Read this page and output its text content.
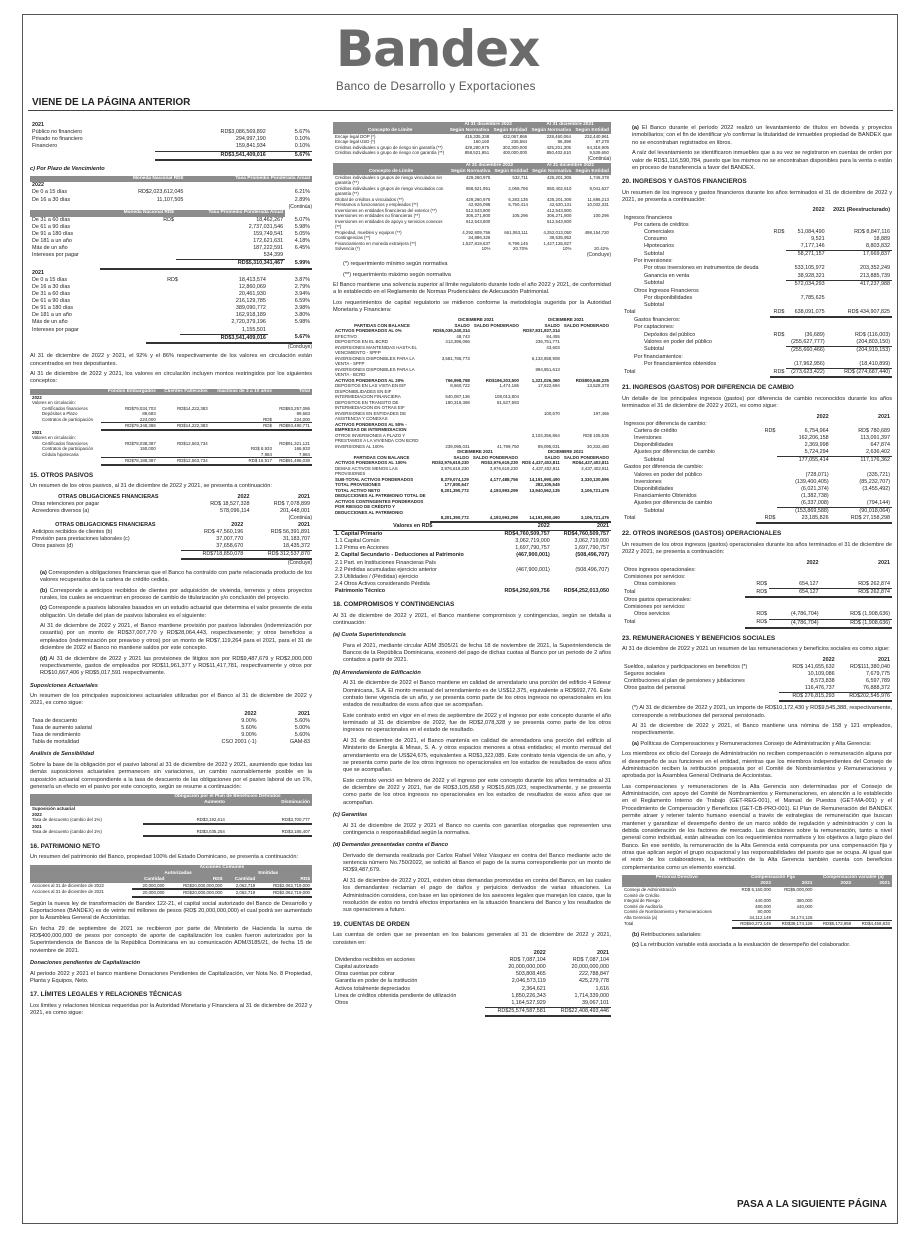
Bandex
Banco de Desarrollo y Exportaciones
VIENE DE LA PÁGINA ANTERIOR
PASA A LA SIGUIENTE PÁGINA
2021		
Público no financiero	RD$3,086,569,892	5.67%
Privado no financiero	294,997,190	0.10%
Financiero	159,841,934	0.10%
	RD$3,541,409,016	5.67%
c) Por Plazo de Vencimiento
	Moneda Nacional RD$	Tasa Promedio Ponderada Anual
2022		
De 0 a 15 días	RD$2,023,612,045	6.21%
De 16 a 30 días	11,107,505	2.89%
(Continúa)
	Moneda Nacional RD$	Tasa Promedio Ponderada Anual	
De 31 a 60 días	RD$	18,462,267	5.07%
De 61 a 90 días		2,737,031,546	5.98%
De 91 a 180 días		159,749,541	5.05%
De 181 a un año		172,621,631	4.18%
Más de un año		187,222,591	6.45%
Intereses por pagar		534,399	
	RD$5,310,341,467		5.99%
2021			
De 0 a 15 días	RD$	18,413,574	3.87%
De 16 a 30 días		12,860,069	2.79%
De 31 a 60 días		20,461,930	3.94%
De 61 a 90 días		216,129,785	6.59%
De 91 a 180 días		389,090,772	3.98%
De 181 a un año		162,918,189	3.80%
Más de un año		2,720,379,196	5.98%
Intereses por pagar		1,155,501	
	RD$3,541,409,016		5.67%
(Concluye)

Al 31 de diciembre de 2022 y 2021, el 92% y el 86% respectivamente de los valores en circulación están concentrados en tres depositantes.

Al 31 de diciembre de 2022 y 2021, los valores en circulación incluyen montos restringidos por los siguientes conceptos:

	Fondos Embargados	Clientes Fallecidos	Inactivas de 3 a 10 años	Total
2022				
Valores en circulación:				
Certificados financieros	RD$79,034,703	RD$14,222,383		RD$93,257,086
Depósitos a Plazo	89,683			89,683
Contratos de participación	224,000		RD$	224,000
	RD$79,348,386	RD$14,222,383	RD$	RD$93,490,771
2021				
Valores en circulación:				
Certificados financieros	RD$78,038,387	RD$12,563,734		RD$91,321,121
Contratos de participación	150,000		RD$ 8,933	166,933
Cédula hipotecaria			7,984	7,984
	RD$78,188,387	RD$12,563,734	RD$ 16,917	RD$91,496,038
15. OTROS PASIVOS

Un resumen de los otros pasivos, al 31 de diciembre de 2022 y 2021, se presenta a continuación:

OTRAS OBLIGACIONES FINANCIERAS	2022	2021
Otras retenciones por pagar	RD$ 18,527,328	RD$ 7,078,899
Acreedores diversos (a)	578,096,114	201,448,001
(Continúa)
OTRAS OBLIGACIONES FINANCIERAS	2022	2021
Anticipos recibidos de clientes (b)	RD$ 47,560,196	RD$ 56,391,891
Provisión para prestaciones laborales (c)	37,007,770	31,183,707
Otros pasivos (d)	37,658,670	18,435,372
	RD$718,850,078	RD$ 312,537,870
(Concluye)

(a) Corresponden a obligaciones financieras que el Banco ha contraído con parte relacionada producto de los valores recuperados de la cartera de crédito cedida.

(b) Corresponde a anticipos recibidos de clientes por adquisición de vivienda, terrenos y otros proyectos rurales, los cuales se encuentran en proceso de cambio de titularización y/o conclusión del proyecto.

(c) Corresponde a pasivos laborales basados en un estudio actuarial que determina el valor presente de esta obligación. Un detalle del plan de pasivos laborales es el siguiente:

Al 31 de diciembre de 2022 y 2021, el Banco mantiene provisión por pasivos laborales (indemnización por cesantía) por un monto de RD$37,007,770 y RD$28,064,443, respectivamente; y otros beneficios a empleados (indemnización por preaviso y otros) por un monto de RD$7,119,264 para el 2021, para el 31 de diciembre de 2022 el Banco no mantiene saldos por este concepto.

(d) Al 31 de diciembre de 2022 y 2021 las provisiones de litigios son por RD$9,487,679 y RD$2,000,000 respectivamente, gastos de empleados por RD$11,961,377 y RD$11,417,781, respectivamente y otros por RD$10,667,406 y RD$5,017,591 respectivamente.

Suposiciones Actuariales

Un resumen de los principales suposiciones actuariales utilizadas por el Banco al 31 de diciembre de 2022 y 2021, es como sigue:

	2022	2021
Tasa de descuento	9.00%	5.60%
Tasa de aumento salarial	5.60%	5.00%
Tasa de rendimiento	9.00%	5.60%
Tabla de mortalidad	CSO 2001 (-1)	GAM-83
Análisis de Sensibilidad

Sobre la base de la obligación por el pasivo laboral al 31 de diciembre de 2022 y 2021, asumiendo que todas las demás suposiciones actuariales permanecen sin variaciones, un cambio razonablemente posible en la suposición actuarial correspondiente a la tasa de descuento de las obligaciones por el pasivo laboral de un 1%, generaría un efecto en el pasivo por este concepto, según se resume a continuación:

	Obligación por el Plan de Beneficios Definidos	
	Aumento	Disminución
Suposición actuarial		
2022		
Tasa de descuento (cambio del 1%)	RD$3,192,614	RD$3,700,777
2021		
Tasa de descuento (cambio del 1%)	RD$3,035,254	RD$3,185,407
16. PATRIMONIO NETO

Un resumen del patrimonio del Banco, propiedad 100% del Estado Dominicano, se presenta a continuación:

	Acciones Comunes			
	Autorizadas		Emitidas	
	Cantidad	RD$	Cantidad	RD$
Acciones al 31 de diciembre de 2022	20,000,000	RD$20,000,000,000	2,062,719	RD$2,062,719,000
Acciones al 31 de diciembre de 2021	20,000,000	RD$20,000,000,000	2,062,719	RD$2,062,719,000

Según la nueva ley de transformación de Bandex 122-21, el capital social autorizado del Banco de Desarrollo y Exportaciones (BANDEX) es de veinte mil millones de pesos (RD$ 20,000,000,000) el cual podrá ser aumentado por la Asamblea General de Accionistas.

En fecha 29 de septiembre de 2021 se recibieron por parte de Ministerio de Hacienda la suma de RD$400,000,000 de pesos por concepto de aporte de capitalización los cuales fueron autorizados por la Superintendencia de Bancos de la República Dominicana en su comunicación ADM/3185/21, de fecha 15 de noviembre de 2021.

Donaciones pendientes de Capitalización

Al periodo 2022 y 2021 el banco mantiene Donaciones Pendientes de Capitalización, ver Nota No. 8 Propiedad, Planta y Equipos, Neto.

17. LÍMITES LEGALES Y RELACIONES TÉCNICAS

Los límites y relaciones técnicas requeridas por la Autoridad Monetaria y Financiera al 31 de diciembre de 2022 y 2021, es como sigue:

	Al 31 diciembre 2022		Al 31 diciembre 2021	
Concepto de Límite	Según Normativa	Según Entidad	Según Normativa	Según Entidad
Encaje legal DOP (*)	415,335,338	422,067,866	228,460,064	232,440,961
Encaje legal USD (*)	160,160	236,584	86,398	87,278
Créditos individuales o grupo de riesgo sin garantía (**)	429,280,975	302,300,000	425,201,305	64,318,905
Créditos individuales o grupo de riesgo con garantía (**)	858,521,951	400,000,000	850,402,610	9,539,650
(Continúa)
	Al 31 diciembre 2022		Al 31 diciembre 2021	
Concepto de Límite	Según Normativa	Según Entidad	Según Normativa	Según Entidad
Créditos individuales o grupos de riesgo vinculados sin garantía (**)	429,260,975	532,711	425,201,305	1,746,378
Créditos individuales o grupos de riesgo vinculados con garantía (**)	858,521,951	2,069,766	850,402,610	9,041,627
Global de créditos a vinculados (**)	429,260,975	6,283,135	425,201,305	11,686,213
Préstamos a funcionarios y empleados (**)	42,926,098	5,750,414	42,520,131	10,032,331
Inversiones en entidades financieras del exterior (**)	512,543,800		412,543,800	
Inversiones en entidades no financieras (**)	306,271,800	105,296	306,271,800	100,296
Inversiones en entidades de apoyo y servicios conexos (**)	612,543,800		612,543,800	
Propiedad, muebles y equipos (**)	4,292,609,756	661,063,111	4,252,013,050	498,154,720
Contingencias (**)	34,886,326		39,535,952	
Financiamiento en moneda extranjera (**)	1,527,819,637	8,799,145	1,427,135,827	
Solvencia (*)	10%	20.70%	10%	20.42%
(Concluye)

(*) requerimiento mínimo según normativa

(**) requerimiento máximo según normativa

El Banco mantiene una solvencia superior al límite regulatorio durante todo el año 2022 y 2021, de conformidad a lo establecido en el Reglamento de Normas Prudenciales de Adecuación Patrimonial.

Los requerimientos de capital regulatorio se midieron conforme la metodología sugerida por la Autoridad Monetaria y Financiera:

	DICIEMBRE 2021		DICIEMBRE 2021	
PARTIDAS CON BALANCE	SALDO	SALDO PONDERADO	SALDO	SALDO PONDERADO
ACTIVOS PONDERADOS AL 0%	RD$5,036,240,314		RD$7,831,937,314	
EFECTIVO	48,743		84,455	
DEPOSITOS EN EL BCRD	413,396,066		236,751,771	
INVERSIONES MANTENIDAS HASTA EL VENCIMIENTO - SPFP			43,603	
INVERSIONES DISPONIBLES PARA LA VENTA - SPFP	3,581,785,773		6,133,858,908	
INVERSIONES DISPONIBLES PARA LA VENTA - BCRD			894,951,613	
ACTIVOS PONDERADOS AL 20%	766,998,768	RD$196,203,500	1,321,026,360	RD$800,646,225
DEPOSITOS EN LAS VISTA EN EIF	8,660,722	1,474,186	17,622,694	13,528,378
DISPONIBILIDADES EN EIF				
INTERMEDIACION FINANCIERA	540,087,136	108,013,804		
DEPOSITOS EN TRANSITO DE INTERMEDIACION EN OTRAS EIF	180,319,368	81,527,593		
INVERSIONES EN ENTIDADES DE ASISTENCIA Y CONEXAS			100,670	197,466
ACTIVOS PONDERADOS AL 50% - EMPRESAS DE INTERMEDIACION				
OTROS INVERSIONES A PLAZO Y PRESTAMOS A LA VIVIENDA CON BCRD			3,103,356,864	RD$ 105,536
INVERSIONES AL 100%	239,095,031	41,799,750	89,095,031	30,332,480
	DICIEMBRE 2021		DICIEMBRE 2021	
PARTIDAS CON BALANCE	SALDO	SALDO PONDERADO	SALDO	SALDO PONDERADO
ACTIVOS PONDERADOS AL 100%	RD$3,976,619,230	RD$3,976,619,230	RD$ 4,437,402,811	RD$4,437,402,811
DEMAS ACTIVOS MENOS LAS PROVISIONES	3,976,619,230	3,976,619,230	4,437,402,811	4,437,402,811
SUB-TOTAL ACTIVOS PONDERADOS	8,379,074,129	4,177,488,756	14,191,990,490	3,330,130,596
TOTAL PROVISIONES	177,800,647		282,105,545	
TOTAL ACTIVO NETO	8,201,390,772	4,193,993,299	13,940,562,135	3,106,721,476
DEDUCCIONES AL PATRIMONIO TOTAL DE ACTIVOS CONTINGENTES PONDERADOS POR RIESGO DE CRÉDITO Y DEDUCCIONES AL PATRIMONIO				
	8,201,390,772	4,193,993,299	14,191,990,490	3,106,721,476
Valores en RD$	2022	2021
1. Capital Primario	RD$4,760,509,757	RD$4,760,509,757
1.1 Capital Común	3,062,719,000	3,062,719,000
1.2 Prima en Acciones	1,697,790,757	1,697,790,757

2. Capital Secundario - Deducciones al Patrimonio	(467,900,001)	(508,496,707)
2.1 Part. en Instituciones Financieras País		
2.2 Pérdidas acumuladas ejercicio anterior	(467,900,001)	(508,496,707)
2.3 Utilidades / (Pérdidas) ejercicio		
2.4 Otros Activos considerando Pérdida		
Patrimonio Técnico	RD$4,292,609,756	RD$4,252,013,050
18. COMPROMISOS Y CONTINGENCIAS

Al 31 de diciembre de 2022 y 2021, el Banco mantiene compromisos y contingencias, según se detalla a continuación:

(a) Cuota Superintendencia

Para el 2021, mediante circular ADM 3505/21 de fecha 18 de noviembre de 2021, la Superintendencia de Bancos de la República Dominicana, exoneró del pago de dichas cuotas al Banco por un periodo de 2 años contados a partir de 2021.

(b) Arrendamiento de Edificación

Al 31 de diciembre de 2022 el Banco mantiene en calidad de arrendatario una porción del edificio 4 Edeeur Dominicana, S.A. El monto mensual del arrendamiento es de US$12,375, equivalente a RD$692,776. Este contrato tiene vigencia de un año, y se presenta como parte de los otros ingresos no operacionales en los estados de resultados de esos años que se acompañan.

Este contrato entró en vigor en el mes de septiembre de 2022 y el ingreso por este concepto durante el año terminado al 31 de diciembre de 2022, fue de RD$2,078,328 y se presenta como parte de los otros ingresos no operacionales en el estado de resultado.

Al 31 de diciembre de 2021, el Banco mantenía en calidad de arrendadora una porción del edificio al Ministerio de Energía & Minas, S. A. y otros espacios menores a otras entidades; el monto mensual del arrendamiento era de US$24,675, equivalentes a RD$1,322,085. Este contrato tenía vigencia de un año, y se presenta como parte de los otros ingresos no operacionales en los estados de resultados de esos años que se acompañan.

Este contrato venció en febrero de 2022 y el ingreso por este concepto durante los años terminados al 31 de diciembre de 2022 y 2021, fue de RD$3,105,658 y RD$15,605,023, respectivamente, y se presenta como parte de los otros ingresos no operacionales en los estados de resultados de esos años que se acompañan.

(c) Garantías

Al 31 de diciembre de 2022 y 2021 el Banco no cuenta con garantías otorgadas que representen una contingencia o responsabilidad según la normativa.

(d) Demandas presentadas contra el Banco

Derivado de demanda realizada por Carlos Rafael Vélez Vásquez en contra del Banco mediante acto de sentencia número No.750/2022, se solicitó al Banco el pago de la suma correspondiente por un monto de RD$9,487,679.

Al 31 de diciembre de 2022 y 2021, existen otras demandas promovidas en contra del Banco, en las cuales los demandantes reclaman el pago de daños y perjuicios derivados de varias situaciones. La Administración considera, con base en las opiniones de los asesores legales que manejan los casos, que la resolución de estos no tendrá efectos importantes en la situación financiera del Banco y los resultados de sus operaciones a futuro.

19. CUENTAS DE ORDEN

Las cuentas de orden que se presentan en los balances generales al 31 de diciembre de 2022 y 2021, consisten en:

	2022	2021
Dividendos recibidos en acciones	RD$ 7,087,104	RD$ 7,087,104
Capital autorizado	20,000,000,000	20,000,000,000
Otras cuentas por cobrar	503,808,465	222,788,847
Garantía en poder de la institución	2,046,573,119	425,279,778
Activos totalmente depreciados	2,364,621	1,616
Línea de créditos obtenida pendiente de utilización	1,850,226,343	1,714,339,000
Otros	1,164,527,929	39,067,101
	RD$25,574,587,581	RD$22,408,493,446

(a) El Banco durante el período 2022 realizó un levantamiento de títulos en bóveda y proyectos inmobiliarios; con el fin de identificar y/o confirmar la titularidad de inmuebles propiedad de BANDEX que no se encontraban registrados en libros.

A raíz del levantamiento se identificaron inmuebles que a su vez se registraron en cuentas de orden por valor de RD$1,116,590,784, puesto que los mismos no se encontraban disponibles para la venta o están en proceso de transferencia a favor del BANDEX.

20. INGRESOS Y GASTOS FINANCIEROS

Un resumen de los ingresos y gastos financieros durante los años terminados el 31 de diciembre de 2022 y 2021, se presenta a continuación:

	2022		2021 (Reestructurado)
Ingresos financieros			
Por cartera de créditos			
Comerciales	RD$	51,084,490	RD$ 8,847,116
Consumo		9,521	18,889
Hipotecarios		7,177,146	8,803,832
Subtotal		58,271,157	17,669,837
Por inversiones:			
Por otras inversiones en instrumentos de deuda		533,105,972	203,352,249
Ganancia en venta		38,928,321	213,885,739
Subtotal		572,034,293	417,237,988
Otros Ingresos Financieros			
Por disponibilidades		7,785,625	
Subtotal			
Total	RD$	638,091,075	RD$ 434,907,825
Gastos financieros:			
Por captaciones:			
Depósitos del público	RD$	(36,689)	RD$ (116,003)
Valores en poder del público		(255,627,777)	(204,803,150)
Subtotal		(255,660,466)	(204,919,153)
Por financiamientos:			
Por financiamientos obtenidos		(17,962,956)	(18,410,899)
Total	RD$	(273,623,422)	RD$ (274,687,440)
21. INGRESOS (GASTOS) POR DIFERENCIA DE CAMBIO

Un detalle de los principales ingresos (gastos) por diferencia de cambio reconocidos durante los años terminados el 31 de diciembre de 2022 y 2021, es como sigue:

	2022		2021
Ingresos por diferencia de cambio:			
Cartera de crédito	RD$	6,754,964	RD$ 780,689
Inversiones		162,206,158	113,091,397
Disponibilidades		2,369,998	647,874
Ajustes por diferencias de cambio		5,724,294	2,636,402
Subtotal		177,055,414	117,176,362
Gastos por diferencia de cambio:			
Valores en poder del público		(728,071)	(335,721)
Inversiones		(139,400,405)	(85,232,707)
Disponibilidades		(6,021,374)	(3,455,492)
Financiamiento Obtenidos		(1,382,738)	
Ajustes por diferencia de cambio		(6,337,008)	(794,144)
Subtotal		(153,869,588)	(90,018,064)
Total	RD$	23,185,826	RD$ 27,158,298
22. OTROS INGRESOS (GASTOS) OPERACIONALES

Un resumen de los otros ingresos (gastos) operacionales durante los años terminados el 31 de diciembre de 2022 y 2021, se presenta a continuación:

	2022		2021
Otros ingresos operacionales:			
Comisiones por servicios:			
Otras comisiones	RD$	654,127	RD$ 262,874
Total	RD$	654,127	RD$ 262,874
Otros gastos operacionales:			
Comisiones por servicios:			
Otros servicios	RD$	(4,786,704)	RD$ (1,908,636)
Total	RD$	(4,786,704)	RD$ (1,908,636)
23. REMUNERACIONES Y BENEFICIOS SOCIALES

Al 31 de diciembre de 2022 y 2021 un resumen de las remuneraciones y beneficios sociales es como sigue:

	2022	2021
Sueldos, salarios y participaciones en beneficios (*)	RD$ 141,655,632	RD$111,380,040
Seguros sociales	10,109,086	7,679,775
Contribuciones al plan de pensiones y jubilaciones	8,573,838	6,597,789
Otros gastos del personal	116,476,737	76,888,372
	RD$ 276,815,293	RD$202,545,976

(*) Al 31 de diciembre de 2022 y 2021, un importe de RD$10,172,430 y RD$9,545,388, respectivamente, corresponde a retribuciones del personal pensionado.

Al 31 de diciembre de 2022 y 2021, el Banco mantiene una nómina de 158 y 121 empleados, respectivamente.

(a) Políticas de Compensaciones y Remuneraciones Consejo de Administración y Alta Gerencia:

Los miembros ex oficio del Consejo de Administración no reciben compensación o remuneración alguna por el desempeño de sus funciones en el entidad, mientras que los miembros independientes del Consejo de Administración reciben la retribución propuesta por el Comité de Nombramientos y Remuneraciones y aprobada por la Asamblea General Ordinaria de Accionistas.

Las compensaciones y remuneraciones de la Alta Gerencia son determinadas por el Consejo de Administración, con apoyo del Comité de Nombramientos y Remuneraciones, en atención a lo establecido en el Reglamento Interno de Trabajo (GET-REG-001), el Manual de Puestos (GET-MA-001) y el Procedimiento de Compensación y Beneficios (GET-CB-PRO-001). El Plan de Remuneración del BANDEX permite atraer y retener talento humano esencial a través de estrategias de remuneración que buscan mantener y garantizar el desempeño dentro de un marco sólido de regulación y administración y con la debida consideración de los factores de mercado. Las decisiones sobre la remuneración, tanto a nivel general como individual, están alineadas con los requerimientos normativos y los objetivos a largo plazo del Banco. En ese sentido, la remuneración de la Alta Gerencia está compuesta por una compensación fija y otras que aplican según el grupo ocupacional y las responsabilidades del puesto que se ocupa. Al igual que el resto de los colaboradores, la retribución de la Alta Gerencia también cuenta con beneficios complementarios como un elemento esencial.

Personal Directivo	Compensación Fija		Compensación variable (a)	
	2022	2021	2022	2021
Consejo de Administración	RD$ 5,160,000	RD$5,000,000		
Comité de Crédito				
Integral de Riesgo	440,000	380,000		
Comité de Auditoría	480,000	440,000		
Comité de Nombramiento y Remuneraciones	80,000			
Alta Gerencia (a)	44,112,149	34,174,126		
Total	RD$50,272,149	RD$39,174,126	RD$5,172,959	RD$4,458,833

(b) Retribuciones salariales:

(c) La retribución variable está asociada a la evaluación de desempeño del colaborador.
